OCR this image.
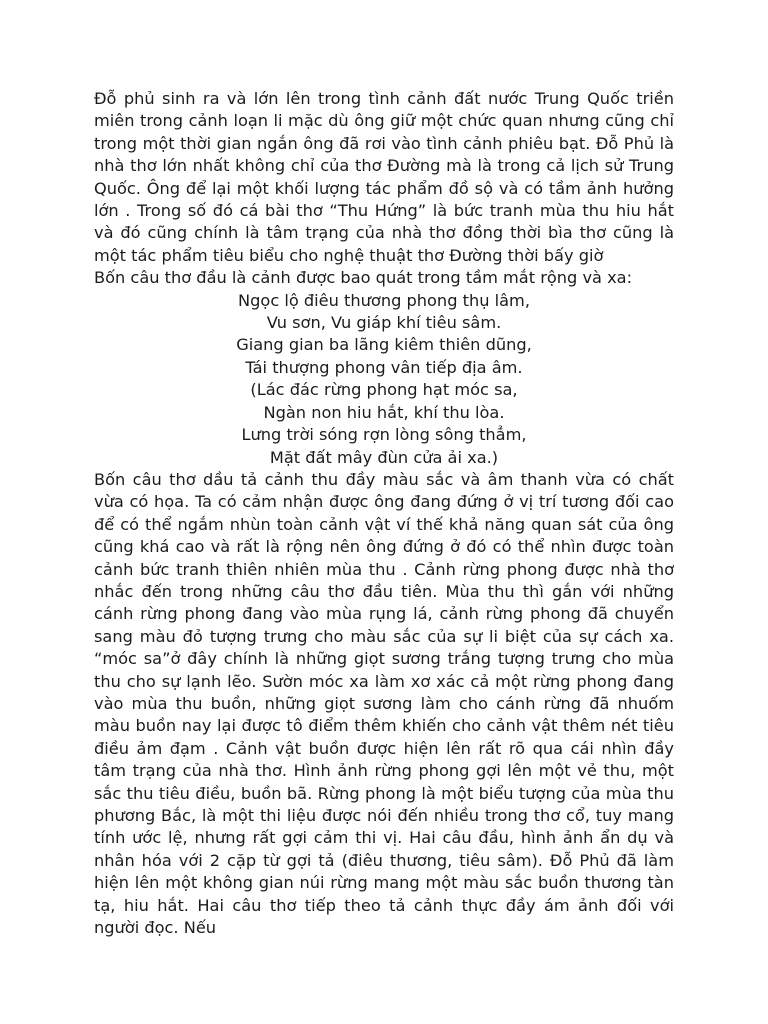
Đỗ phủ sinh ra và lớn lên trong tình cảnh đất nước Trung Quốc triền miên trong cảnh loạn li mặc dù ông giữ một chức quan nhưng cũng chỉ trong một thời gian ngắn ông đã rơi vào tình cảnh phiêu bạt. Đỗ Phủ là nhà thơ lớn nhất không chỉ của thơ Đường mà là trong cả lịch sử Trung Quốc. Ông để lại một khối lượng tác phẩm đồ sộ và có tầm ảnh hưởng lớn . Trong số đó cá bài thơ “Thu Hứng” là bức tranh mùa thu hiu hắt và đó cũng chính là tâm trạng của nhà thơ đồng thời bìa thơ cũng là một tác phẩm tiêu biểu cho nghệ thuật thơ Đường thời bấy giờ
Bốn câu thơ đầu là cảnh được bao quát trong tầm mắt rộng và xa:

Ngọc lộ điêu thương phong thụ lâm,
Vu sơn, Vu giáp khí tiêu sâm.
Giang gian ba lãng kiêm thiên dũng,
Tái thượng phong vân tiếp địa âm.
(Lác đác rừng phong hạt móc sa,
Ngàn non hiu hắt, khí thu lòa.
Lưng trời sóng rợn lòng sông thẳm,
Mặt đất mây đùn cửa ải xa.)

Bốn câu thơ dầu tả cảnh thu đầy màu sắc và âm thanh vừa có chất vừa có họa. Ta có cảm nhận được ông đang đứng ở vị trí tương đối cao để có thể ngắm nhùn toàn cảnh vật ví thế khả năng quan sát của ông cũng khá cao và rất là rộng nên ông đứng ở đó có thể nhìn được toàn cảnh bức tranh thiên nhiên mùa thu . Cảnh rừng phong được nhà thơ nhắc đến trong những câu thơ đầu tiên. Mùa thu thì gắn với những cánh rừng phong đang vào mùa rụng lá, cảnh rừng phong đã chuyển sang màu đỏ tượng trưng cho màu sắc của sự li biệt của sự cách xa. “móc sa”ở đây chính là những giọt sương trắng tượng trưng cho mùa thu cho sự lạnh lẽo. Sườn móc xa làm xơ xác cả một rừng phong đang vào mùa thu buồn, những giọt sương làm cho cánh rừng đã nhuốm màu buồn nay lại được tô điểm thêm khiến cho cảnh vật thêm nét tiêu điều ảm đạm . Cảnh vật buồn được hiện lên rất rõ qua cái nhìn đầy tâm trạng của nhà thơ. Hình ảnh rừng phong gợi lên một vẻ thu, một sắc thu tiêu điều, buồn bã. Rừng phong là một biểu tượng của mùa thu phương Bắc, là một thi liệu được nói đến nhiều trong thơ cổ, tuy mang tính ước lệ, nhưng rất gợi cảm thi vị. Hai câu đầu, hình ảnh ẩn dụ và nhân hóa với 2 cặp từ gợi tả (điêu thương, tiêu sâm). Đỗ Phủ đã làm hiện lên một không gian núi rừng mang một màu sắc buồn thương tàn tạ, hiu hắt. Hai câu thơ tiếp theo tả cảnh thực đầy ám ảnh đối với người đọc. Nếu
